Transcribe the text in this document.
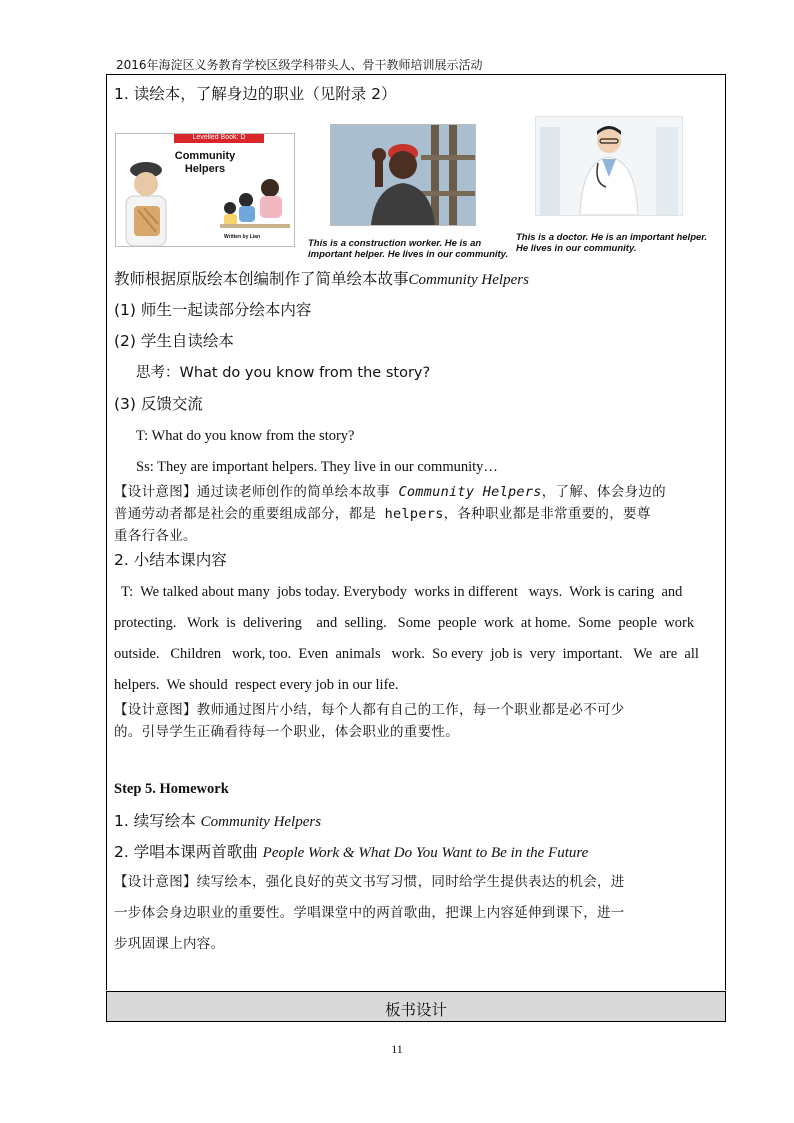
2016年海淀区义务教育学校区级学科带头人、骨干教师培训展示活动
1. 读绘本，了解身边的职业（见附录 2）
Levelled Book: D
Community
Helpers
Written by Lian
This is a construction worker. He is an
important helper. He lives in our community.
This is a doctor. He is an important helper.
He lives in our community.
教师根据原版绘本创编制作了简单绘本故事Community Helpers
(1) 师生一起读部分绘本内容
(2) 学生自读绘本
思考：What do you know from the story?
(3) 反馈交流
T: What do you know from the story?
Ss: They are important helpers. They live in our community…
【设计意图】通过读老师创作的简单绘本故事 Community Helpers，了解、体会身边的
普通劳动者都是社会的重要组成部分，都是 helpers，各种职业都是非常重要的，要尊
重各行各业。
2. 小结本课内容
T:  We talked about many  jobs today. Everybody  works in different   ways.  Work is caring  and
protecting.   Work  is  delivering    and  selling.   Some  people  work  at home.  Some  people  work
outside.   Children   work, too.  Even  animals   work.  So every  job is  very  important.   We  are  all
helpers.  We should  respect every job in our life.
【设计意图】教师通过图片小结，每个人都有自己的工作，每一个职业都是必不可少
的。引导学生正确看待每一个职业，体会职业的重要性。
Step 5. Homework
1. 续写绘本 Community Helpers
2. 学唱本课两首歌曲 People Work & What Do You Want to Be in the Future
【设计意图】续写绘本，强化良好的英文书写习惯，同时给学生提供表达的机会，进
一步体会身边职业的重要性。学唱课堂中的两首歌曲，把课上内容延伸到课下，进一
步巩固课上内容。
板书设计
11
